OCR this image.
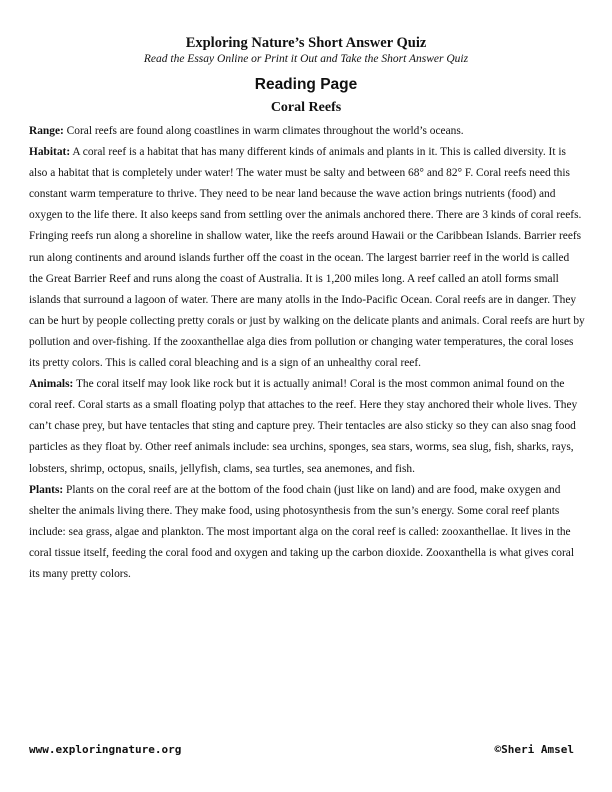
Exploring Nature’s Short Answer Quiz

Read the Essay Online or Print it Out and Take the Short Answer Quiz

Reading Page

Coral Reefs

Range: Coral reefs are found along coastlines in warm climates throughout the world’s oceans.

Habitat: A coral reef is a habitat that has many different kinds of animals and plants in it. This is called diversity. It is also a habitat that is completely under water! The water must be salty and between 68° and 82° F. Coral reefs need this constant warm temperature to thrive. They need to be near land because the wave action brings nutrients (food) and oxygen to the life there. It also keeps sand from settling over the animals anchored there. There are 3 kinds of coral reefs. Fringing reefs run along a shoreline in shallow water, like the reefs around Hawaii or the Caribbean Islands. Barrier reefs run along continents and around islands further off the coast in the ocean. The largest barrier reef in the world is called the Great Barrier Reef and runs along the coast of Australia. It is 1,200 miles long. A reef called an atoll forms small islands that surround a lagoon of water. There are many atolls in the Indo-Pacific Ocean. Coral reefs are in danger. They can be hurt by people collecting pretty corals or just by walking on the delicate plants and animals. Coral reefs are hurt by pollution and over-fishing. If the zooxanthellae alga dies from pollution or changing water temperatures, the coral loses its pretty colors. This is called coral bleaching and is a sign of an unhealthy coral reef.

Animals: The coral itself may look like rock but it is actually animal! Coral is the most common animal found on the coral reef. Coral starts as a small floating polyp that attaches to the reef. Here they stay anchored their whole lives. They can’t chase prey, but have tentacles that sting and capture prey. Their tentacles are also sticky so they can also snag food particles as they float by. Other reef animals include: sea urchins, sponges, sea stars, worms, sea slug, fish, sharks, rays, lobsters, shrimp, octopus, snails, jellyfish, clams, sea turtles, sea anemones, and fish.

Plants: Plants on the coral reef are at the bottom of the food chain (just like on land) and are food, make oxygen and shelter the animals living there. They make food, using photosynthesis from the sun’s energy. Some coral reef plants include: sea grass, algae and plankton. The most important alga on the coral reef is called: zooxanthellae. It lives in the coral tissue itself, feeding the coral food and oxygen and taking up the carbon dioxide. Zooxanthella is what gives coral its many pretty colors.

www.exploringnature.org	©Sheri Amsel
